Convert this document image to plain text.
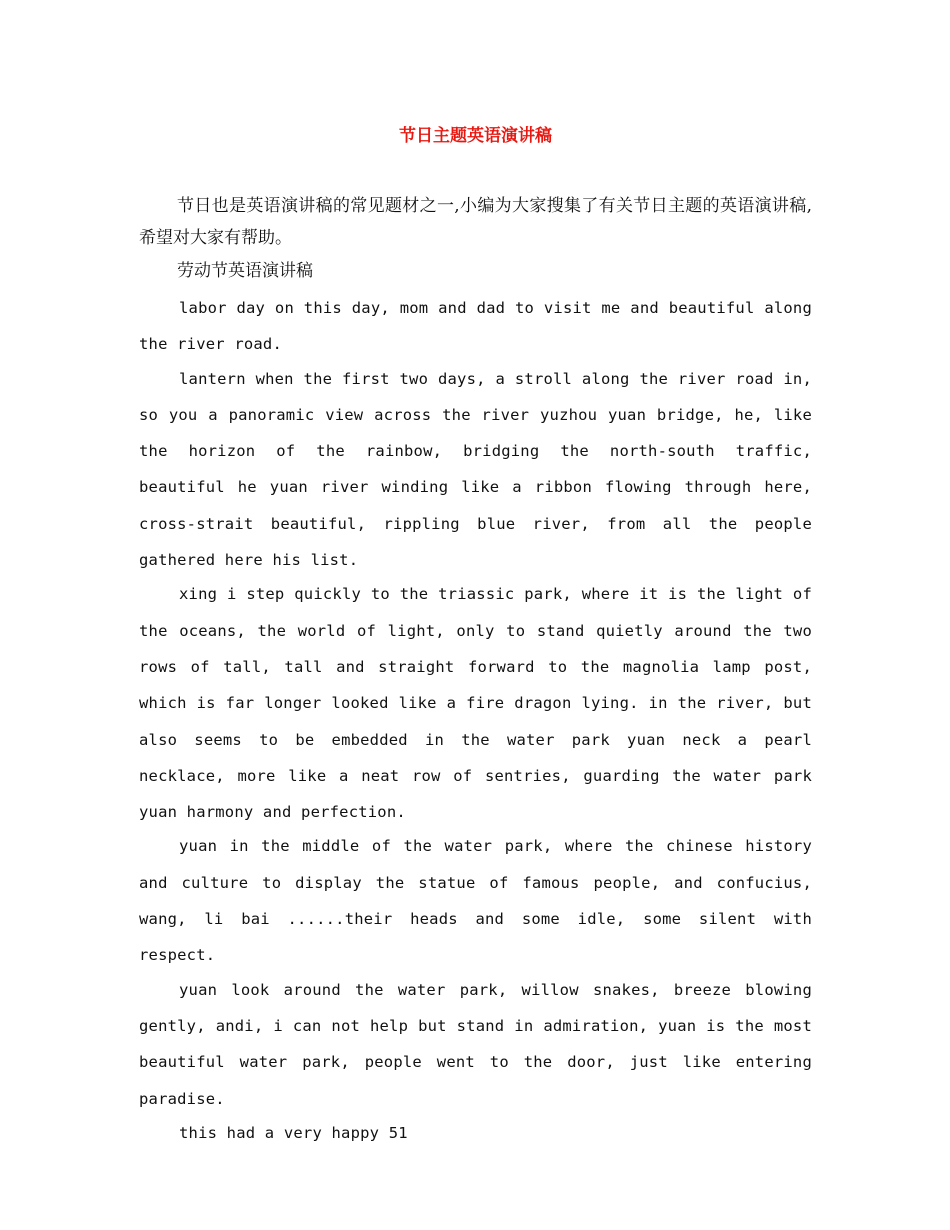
节日主题英语演讲稿

节日也是英语演讲稿的常见题材之一,小编为大家搜集了有关节日主题的英语演讲稿,希望对大家有帮助。

劳动节英语演讲稿

labor day on this day, mom and dad to visit me and beautiful along the river road.

lantern when the first two days, a stroll along the river road in, so you a panoramic view across the river yuzhou yuan bridge, he, like the horizon of the rainbow, bridging the north-south traffic, beautiful he yuan river winding like a ribbon flowing through here, cross-strait beautiful, rippling blue river, from all the people gathered here his list.

xing i step quickly to the triassic park, where it is the light of the oceans, the world of light, only to stand quietly around the two rows of tall, tall and straight forward to the magnolia lamp post, which is far longer looked like a fire dragon lying. in the river, but also seems to be embedded in the water park yuan neck a pearl necklace, more like a neat row of sentries, guarding the water park yuan harmony and perfection.

yuan in the middle of the water park, where the chinese history and culture to display the statue of famous people, and confucius, wang, li bai ......their heads and some idle, some silent with respect.

yuan look around the water park, willow snakes, breeze blowing gently, andi, i can not help but stand in admiration, yuan is the most beautiful water park, people went to the door, just like entering paradise.

this had a very happy 51
